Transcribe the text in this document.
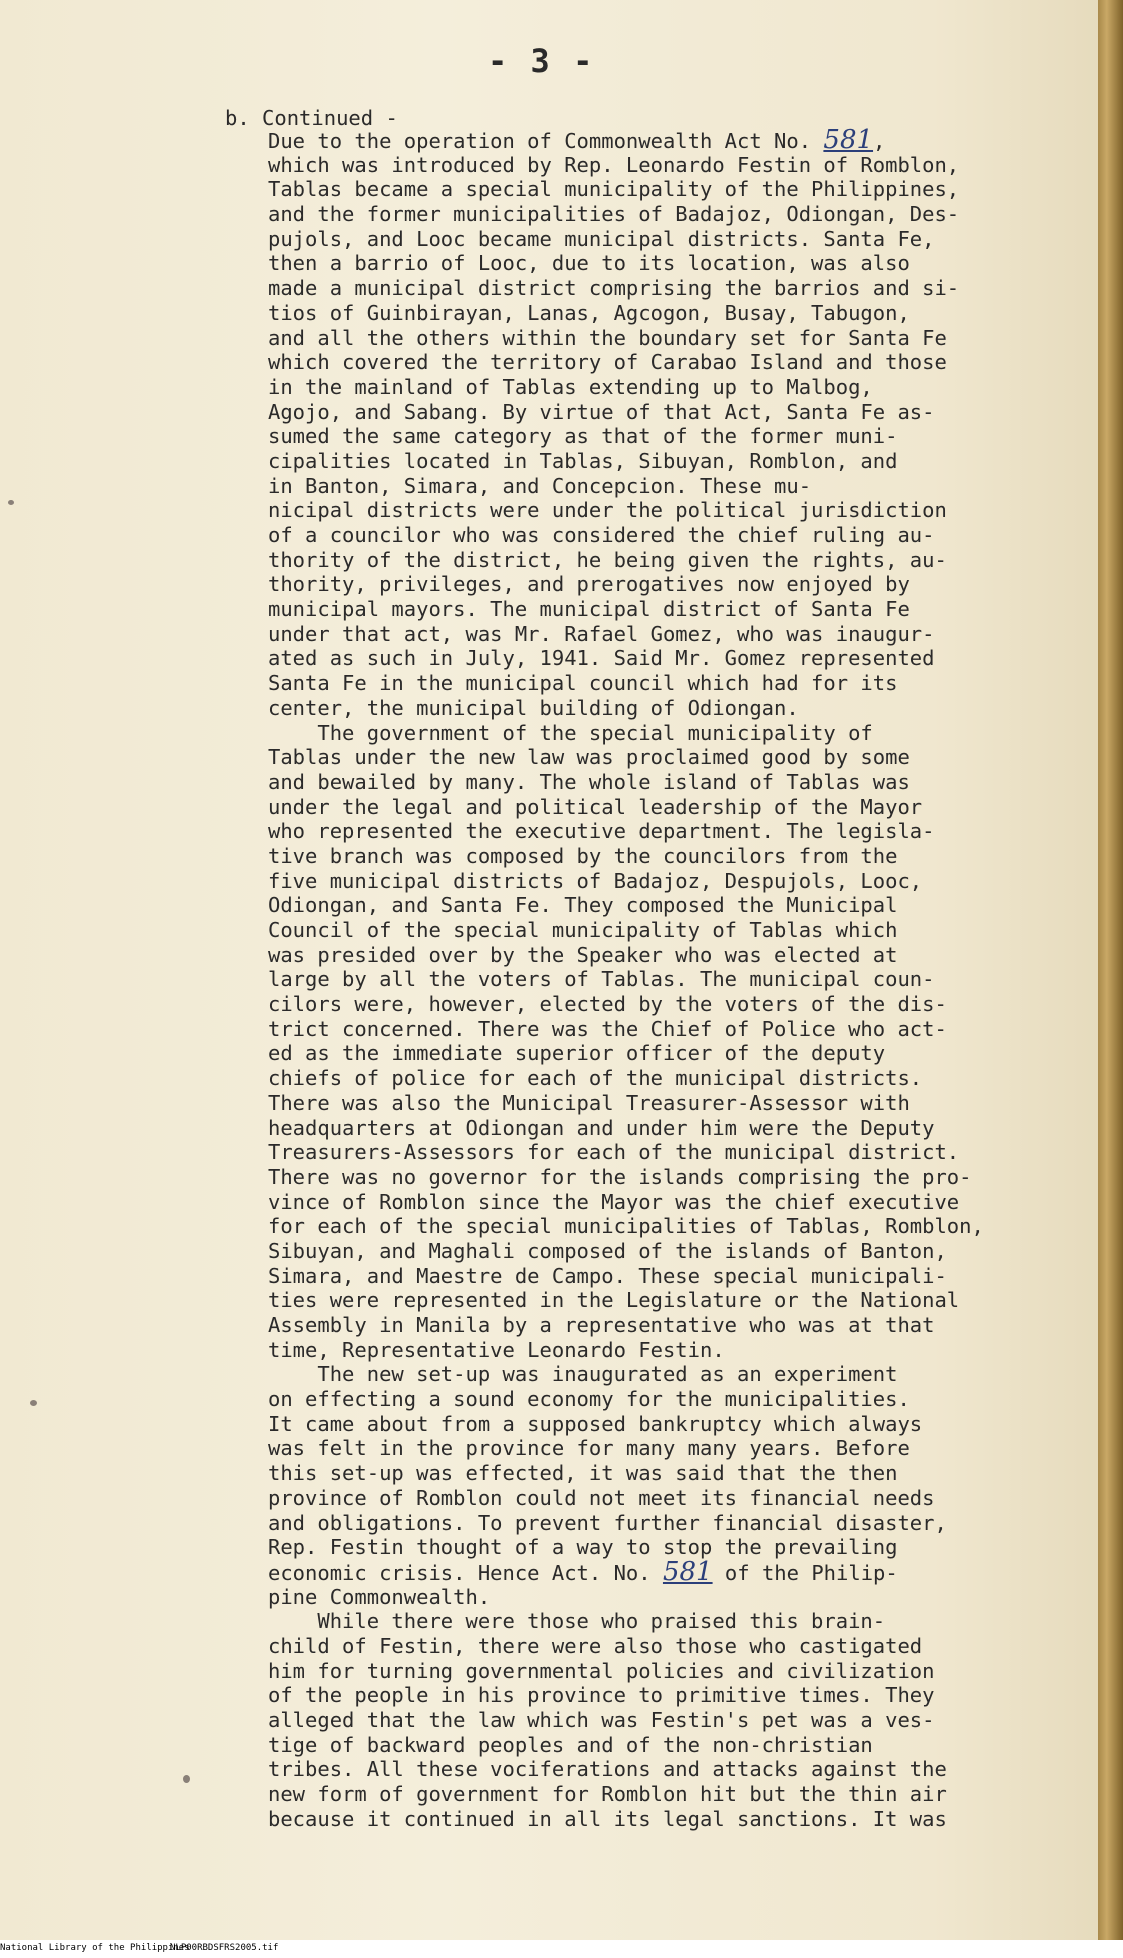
- 3 -
b. Continued -
Due to the operation of Commonwealth Act No. 581,
which was introduced by Rep. Leonardo Festin of Romblon,
Tablas became a special municipality of the Philippines,
and the former municipalities of Badajoz, Odiongan, Des-
pujols, and Looc became municipal districts. Santa Fe,
then a barrio of Looc, due to its location, was also
made a municipal district comprising the barrios and si-
tios of Guinbirayan, Lanas, Agcogon, Busay, Tabugon,
and all the others within the boundary set for Santa Fe
which covered the territory of Carabao Island and those
in the mainland of Tablas extending up to Malbog,
Agojo, and Sabang. By virtue of that Act, Santa Fe as-
sumed the same category as that of the former muni-
cipalities located in Tablas, Sibuyan, Romblon, and
in Banton, Simara, and Concepcion. These mu-
nicipal districts were under the political jurisdiction
of a councilor who was considered the chief ruling au-
thority of the district, he being given the rights, au-
thority, privileges, and prerogatives now enjoyed by
municipal mayors. The municipal district of Santa Fe
under that act, was Mr. Rafael Gomez, who was inaugur-
ated as such in July, 1941. Said Mr. Gomez represented
Santa Fe in the municipal council which had for its
center, the municipal building of Odiongan.
The government of the special municipality of
Tablas under the new law was proclaimed good by some
and bewailed by many. The whole island of Tablas was
under the legal and political leadership of the Mayor
who represented the executive department. The legisla-
tive branch was composed by the councilors from the
five municipal districts of Badajoz, Despujols, Looc,
Odiongan, and Santa Fe. They composed the Municipal
Council of the special municipality of Tablas which
was presided over by the Speaker who was elected at
large by all the voters of Tablas. The municipal coun-
cilors were, however, elected by the voters of the dis-
trict concerned. There was the Chief of Police who act-
ed as the immediate superior officer of the deputy
chiefs of police for each of the municipal districts.
There was also the Municipal Treasurer-Assessor with
headquarters at Odiongan and under him were the Deputy
Treasurers-Assessors for each of the municipal district.
There was no governor for the islands comprising the pro-
vince of Romblon since the Mayor was the chief executive
for each of the special municipalities of Tablas, Romblon,
Sibuyan, and Maghali composed of the islands of Banton,
Simara, and Maestre de Campo. These special municipali-
ties were represented in the Legislature or the National
Assembly in Manila by a representative who was at that
time, Representative Leonardo Festin.
The new set-up was inaugurated as an experiment
on effecting a sound economy for the municipalities.
It came about from a supposed bankruptcy which always
was felt in the province for many many years. Before
this set-up was effected, it was said that the then
province of Romblon could not meet its financial needs
and obligations. To prevent further financial disaster,
Rep. Festin thought of a way to stop the prevailing
economic crisis. Hence Act. No. 581 of the Philip-
pine Commonwealth.
While there were those who praised this brain-
child of Festin, there were also those who castigated
him for turning governmental policies and civilization
of the people in his province to primitive times. They
alleged that the law which was Festin's pet was a ves-
tige of backward peoples and of the non-christian
tribes. All these vociferations and attacks against the
new form of government for Romblon hit but the thin air
because it continued in all its legal sanctions. It was
National Library of the Philippines
NLP00RBDSFRS2005.tif
